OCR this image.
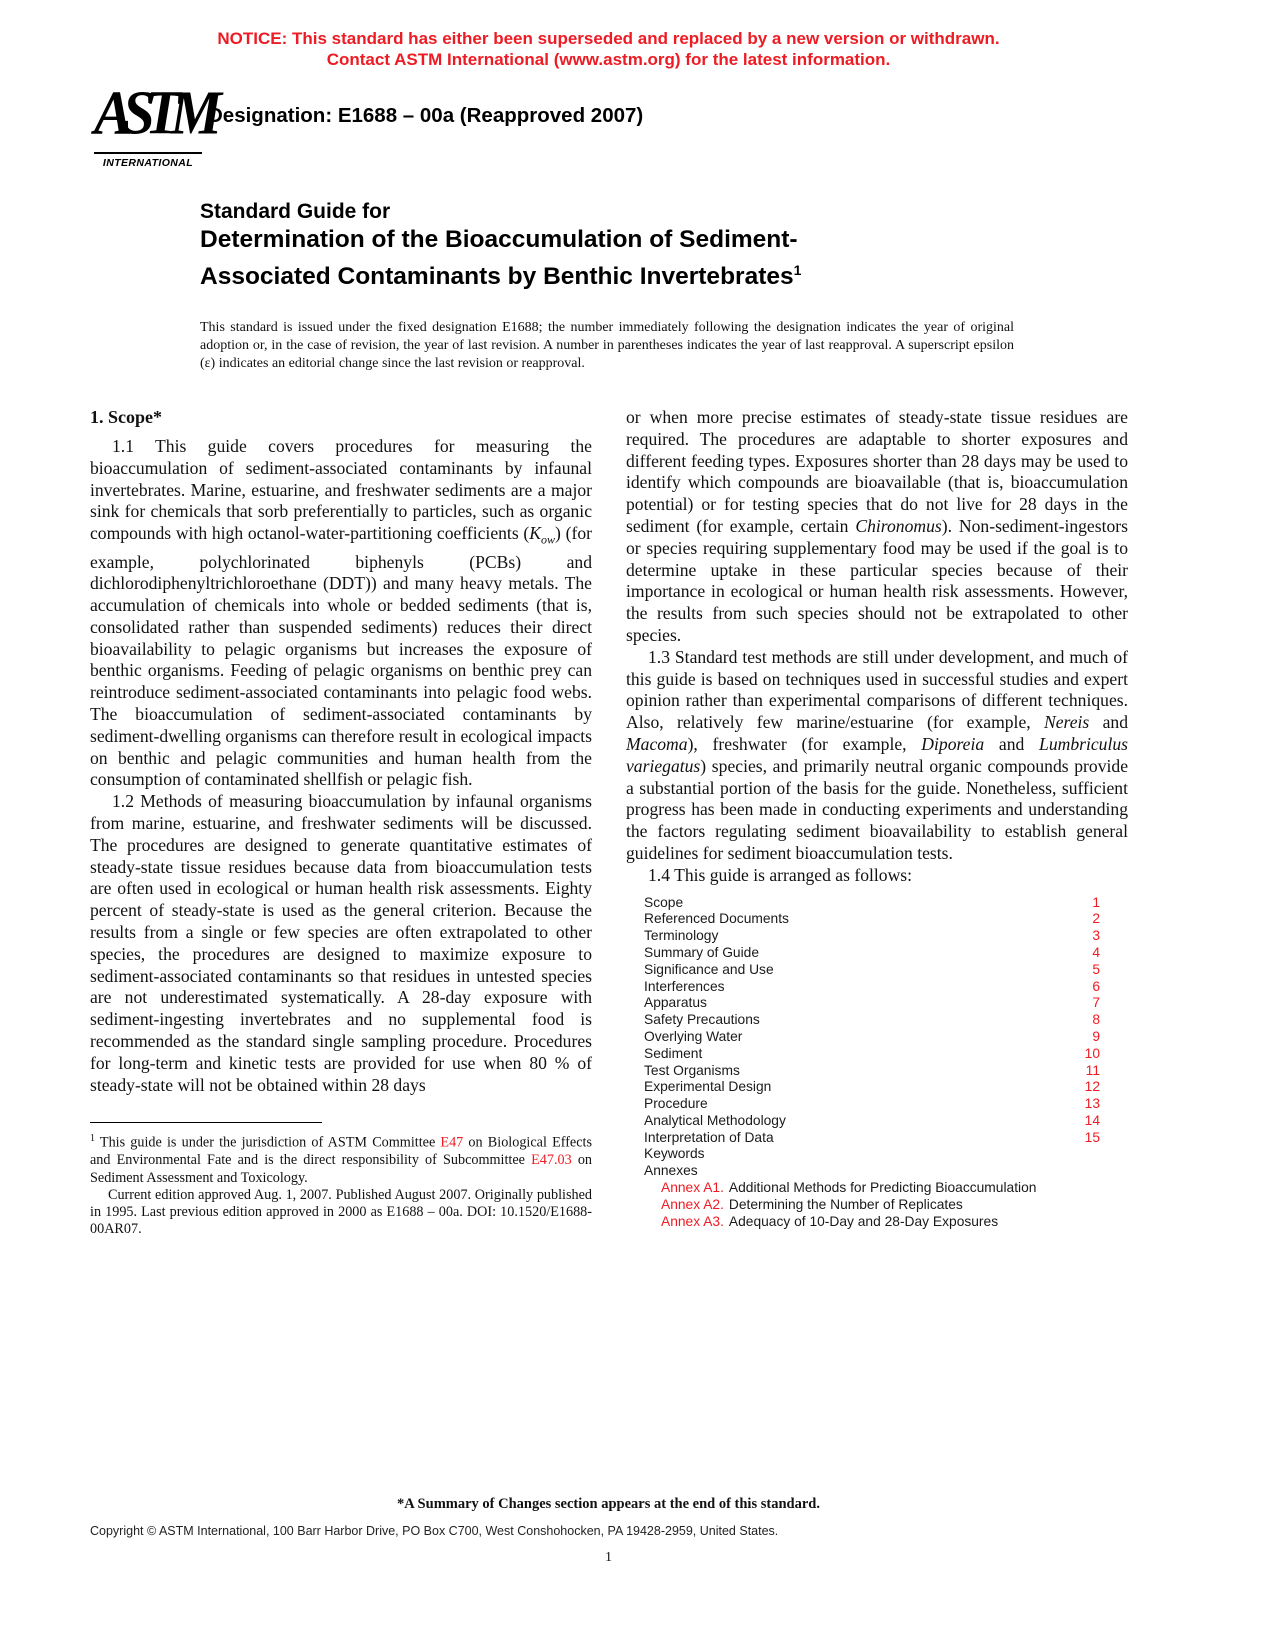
NOTICE: This standard has either been superseded and replaced by a new version or withdrawn.
Contact ASTM International (www.astm.org) for the latest information.
ASTM
INTERNATIONAL
Designation: E1688 – 00a (Reapproved 2007)
Standard Guide for
Determination of the Bioaccumulation of Sediment-
Associated Contaminants by Benthic Invertebrates$^1$
This standard is issued under the fixed designation E1688; the number immediately following the designation indicates the year of original adoption or, in the case of revision, the year of last revision. A number in parentheses indicates the year of last reapproval. A superscript epsilon (ε) indicates an editorial change since the last revision or reapproval.
1. Scope*

1.1 This guide covers procedures for measuring the bioaccumulation of sediment-associated contaminants by infaunal invertebrates. Marine, estuarine, and freshwater sediments are a major sink for chemicals that sorb preferentially to particles, such as organic compounds with high octanol-water-partitioning coefficients $(K_{ow})$ (for example, polychlorinated biphenyls (PCBs) and dichlorodiphenyltrichloroethane (DDT)) and many heavy metals. The accumulation of chemicals into whole or bedded sediments (that is, consolidated rather than suspended sediments) reduces their direct bioavailability to pelagic organisms but increases the exposure of benthic organisms. Feeding of pelagic organisms on benthic prey can reintroduce sediment-associated contaminants into pelagic food webs. The bioaccumulation of sediment-associated contaminants by sediment-dwelling organisms can therefore result in ecological impacts on benthic and pelagic communities and human health from the consumption of contaminated shellfish or pelagic fish.

1.2 Methods of measuring bioaccumulation by infaunal organisms from marine, estuarine, and freshwater sediments will be discussed. The procedures are designed to generate quantitative estimates of steady-state tissue residues because data from bioaccumulation tests are often used in ecological or human health risk assessments. Eighty percent of steady-state is used as the general criterion. Because the results from a single or few species are often extrapolated to other species, the procedures are designed to maximize exposure to sediment-associated contaminants so that residues in untested species are not underestimated systematically. A 28-day exposure with sediment-ingesting invertebrates and no supplemental food is recommended as the standard single sampling procedure. Procedures for long-term and kinetic tests are provided for use when 80 % of steady-state will not be obtained within 28 days

$^1$ This guide is under the jurisdiction of ASTM Committee E47 on Biological Effects and Environmental Fate and is the direct responsibility of Subcommittee E47.03 on Sediment Assessment and Toxicology.

Current edition approved Aug. 1, 2007. Published August 2007. Originally published in 1995. Last previous edition approved in 2000 as E1688 – 00a. DOI: 10.1520/E1688-00AR07.

or when more precise estimates of steady-state tissue residues are required. The procedures are adaptable to shorter exposures and different feeding types. Exposures shorter than 28 days may be used to identify which compounds are bioavailable (that is, bioaccumulation potential) or for testing species that do not live for 28 days in the sediment (for example, certain Chironomus). Non-sediment-ingestors or species requiring supplementary food may be used if the goal is to determine uptake in these particular species because of their importance in ecological or human health risk assessments. However, the results from such species should not be extrapolated to other species.

1.3 Standard test methods are still under development, and much of this guide is based on techniques used in successful studies and expert opinion rather than experimental comparisons of different techniques. Also, relatively few marine/estuarine (for example, Nereis and Macoma), freshwater (for example, Diporeia and Lumbriculus variegatus) species, and primarily neutral organic compounds provide a substantial portion of the basis for the guide. Nonetheless, sufficient progress has been made in conducting experiments and understanding the factors regulating sediment bioavailability to establish general guidelines for sediment bioaccumulation tests.

1.4 This guide is arranged as follows:

Scope	1
Referenced Documents	2
Terminology	3
Summary of Guide	4
Significance and Use	5
Interferences	6
Apparatus	7
Safety Precautions	8
Overlying Water	9
Sediment	10
Test Organisms	11
Experimental Design	12
Procedure	13
Analytical Methodology	14
Interpretation of Data	15
Keywords
Annexes
Annex A1. Additional Methods for Predicting Bioaccumulation
Annex A2. Determining the Number of Replicates
Annex A3. Adequacy of 10-Day and 28-Day Exposures
*A Summary of Changes section appears at the end of this standard.
Copyright © ASTM International, 100 Barr Harbor Drive, PO Box C700, West Conshohocken, PA 19428-2959, United States.
1
